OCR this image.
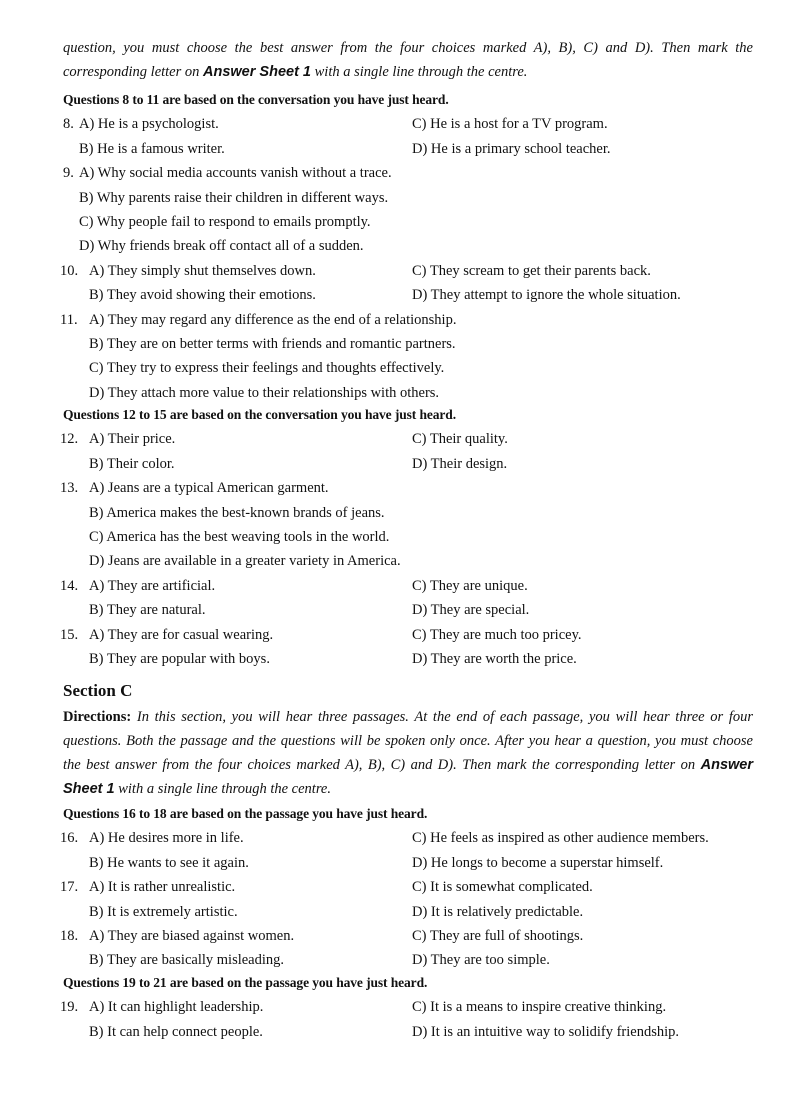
question, you must choose the best answer from the four choices marked A), B), C) and D). Then mark the corresponding letter on Answer Sheet 1 with a single line through the centre.
Questions 8 to 11 are based on the conversation you have just heard.
8. A) He is a psychologist.	C) He is a host for a TV program.
B) He is a famous writer.	D) He is a primary school teacher.
9. A) Why social media accounts vanish without a trace.
B) Why parents raise their children in different ways.
C) Why people fail to respond to emails promptly.
D) Why friends break off contact all of a sudden.
10. A) They simply shut themselves down.	C) They scream to get their parents back.
B) They avoid showing their emotions.	D) They attempt to ignore the whole situation.
11. A) They may regard any difference as the end of a relationship.
B) They are on better terms with friends and romantic partners.
C) They try to express their feelings and thoughts effectively.
D) They attach more value to their relationships with others.
Questions 12 to 15 are based on the conversation you have just heard.
12. A) Their price.	C) Their quality.
B) Their color.	D) Their design.
13. A) Jeans are a typical American garment.
B) America makes the best-known brands of jeans.
C) America has the best weaving tools in the world.
D) Jeans are available in a greater variety in America.
14. A) They are artificial.	C) They are unique.
B) They are natural.	D) They are special.
15. A) They are for casual wearing.	C) They are much too pricey.
B) They are popular with boys.	D) They are worth the price.
Section C
Directions: In this section, you will hear three passages. At the end of each passage, you will hear three or four questions. Both the passage and the questions will be spoken only once. After you hear a question, you must choose the best answer from the four choices marked A), B), C) and D). Then mark the corresponding letter on Answer Sheet 1 with a single line through the centre.
Questions 16 to 18 are based on the passage you have just heard.
16. A) He desires more in life.	C) He feels as inspired as other audience members.
B) He wants to see it again.	D) He longs to become a superstar himself.
17. A) It is rather unrealistic.	C) It is somewhat complicated.
B) It is extremely artistic.	D) It is relatively predictable.
18. A) They are biased against women.	C) They are full of shootings.
B) They are basically misleading.	D) They are too simple.
Questions 19 to 21 are based on the passage you have just heard.
19. A) It can highlight leadership.	C) It is a means to inspire creative thinking.
B) It can help connect people.	D) It is an intuitive way to solidify friendship.
